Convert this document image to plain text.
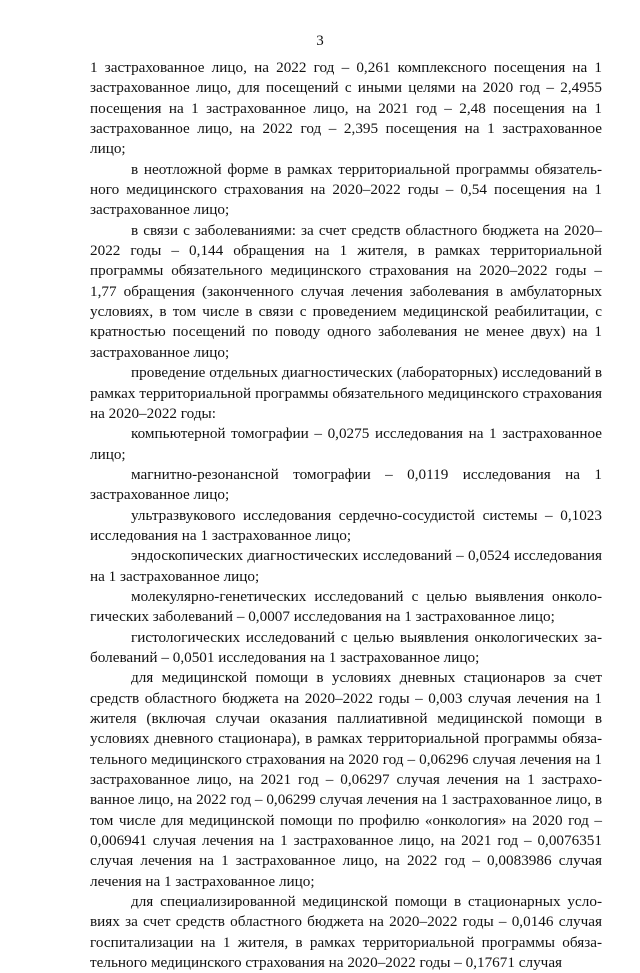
3

1 застрахованное лицо, на 2022 год – 0,261 комплексного посещения на 1 застрахованное лицо, для посещений с иными целями на 2020 год – 2,4955 посещения на 1 застрахованное лицо, на 2021 год – 2,48 посещения на 1 застрахованное лицо, на 2022 год – 2,395 посещения на 1 застрахованное лицо;

в неотложной форме в рамках территориальной программы обязательного медицинского страхования на 2020–2022 годы – 0,54 посещения на 1 застрахованное лицо;

в связи с заболеваниями: за счет средств областного бюджета на 2020–2022 годы – 0,144 обращения на 1 жителя, в рамках территориальной программы обязательного медицинского страхования на 2020–2022 годы – 1,77 обращения (законченного случая лечения заболевания в амбулаторных условиях, в том числе в связи с проведением медицинской реабилитации, с кратностью посещений по поводу одного заболевания не менее двух) на 1 застрахованное лицо;

проведение отдельных диагностических (лабораторных) исследований в рамках территориальной программы обязательного медицинского страхования на 2020–2022 годы:

компьютерной томографии – 0,0275 исследования на 1 застрахованное лицо;

магнитно-резонансной томографии – 0,0119 исследования на 1 застрахованное лицо;

ультразвукового исследования сердечно-сосудистой системы – 0,1023 исследования на 1 застрахованное лицо;

эндоскопических диагностических исследований – 0,0524 исследования на 1 застрахованное лицо;

молекулярно-генетических исследований с целью выявления онкологических заболеваний – 0,0007 исследования на 1 застрахованное лицо;

гистологических исследований с целью выявления онкологических заболеваний – 0,0501 исследования на 1 застрахованное лицо;

для медицинской помощи в условиях дневных стационаров за счет средств областного бюджета на 2020–2022 годы – 0,003 случая лечения на 1 жителя (включая случаи оказания паллиативной медицинской помощи в условиях дневного стационара), в рамках территориальной программы обязательного медицинского страхования на 2020 год – 0,06296 случая лечения на 1 застрахованное лицо, на 2021 год – 0,06297 случая лечения на 1 застрахованное лицо, на 2022 год – 0,06299 случая лечения на 1 застрахованное лицо, в том числе для медицинской помощи по профилю «онкология» на 2020 год – 0,006941 случая лечения на 1 застрахованное лицо, на 2021 год – 0,0076351 случая лечения на 1 застрахованное лицо, на 2022 год – 0,0083986 случая лечения на 1 застрахованное лицо;

для специализированной медицинской помощи в стационарных условиях за счет средств областного бюджета на 2020–2022 годы – 0,0146 случая госпитализации на 1 жителя, в рамках территориальной программы обязательного медицинского страхования на 2020–2022 годы – 0,17671 случая
